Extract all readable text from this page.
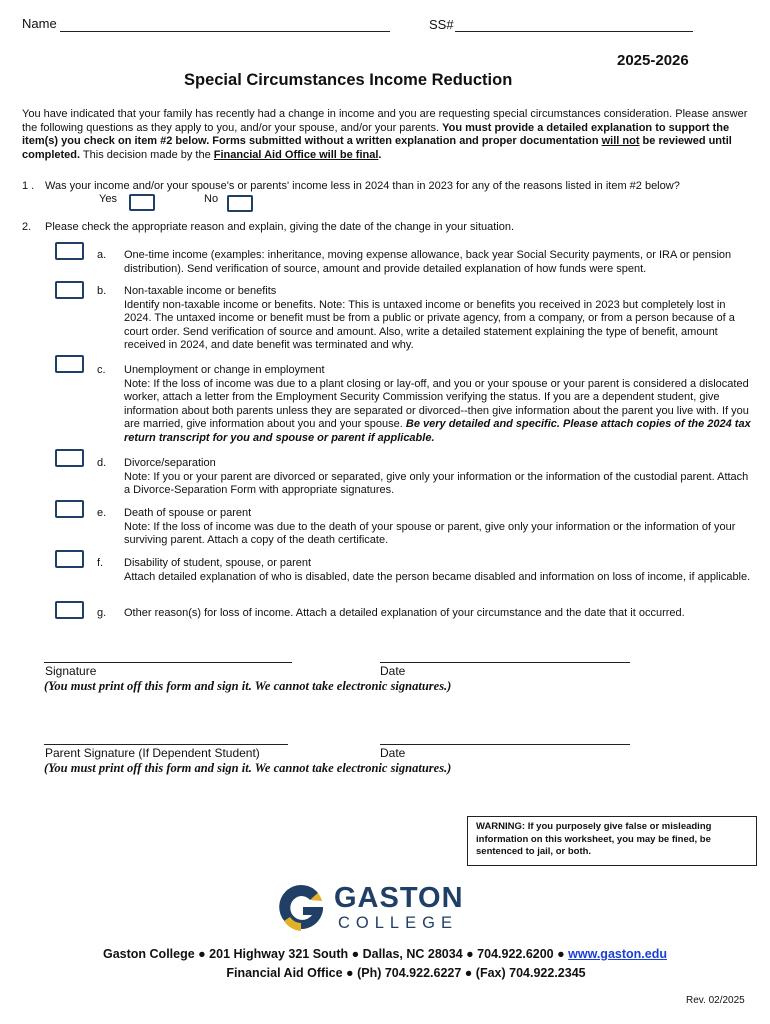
Name	SS#
2025-2026
Special Circumstances Income Reduction
You have indicated that your family has recently had a change in income and you are requesting special circumstances consideration. Please answer the following questions as they apply to you, and/or your spouse, and/or your parents. You must provide a detailed explanation to support the item(s) you check on item #2 below. Forms submitted without a written explanation and proper documentation will not be reviewed until completed. This decision made by the Financial Aid Office will be final.
1 . Was your income and/or your spouse's or parents' income less in 2024 than in 2023 for any of the reasons listed in item #2 below?
Yes	No
2. Please check the appropriate reason and explain, giving the date of the change in your situation.
a. One-time income (examples: inheritance, moving expense allowance, back year Social Security payments, or IRA or pension distribution). Send verification of source, amount and provide detailed explanation of how funds were spent.
b. Non-taxable income or benefits
Identify non-taxable income or benefits. Note: This is untaxed income or benefits you received in 2023 but completely lost in 2024. The untaxed income or benefit must be from a public or private agency, from a company, or from a person because of a court order. Send verification of source and amount. Also, write a detailed statement explaining the type of benefit, amount received in 2024, and date benefit was terminated and why.
c. Unemployment or change in employment
Note: If the loss of income was due to a plant closing or lay-off, and you or your spouse or your parent is considered a dislocated worker, attach a letter from the Employment Security Commission verifying the status. If you are a dependent student, give information about both parents unless they are separated or divorced--then give information about the parent you live with. If you are married, give information about you and your spouse. Be very detailed and specific. Please attach copies of the 2024 tax return transcript for you and spouse or parent if applicable.
d. Divorce/separation
Note: If you or your parent are divorced or separated, give only your information or the information of the custodial parent. Attach a Divorce-Separation Form with appropriate signatures.
e. Death of spouse or parent
Note: If the loss of income was due to the death of your spouse or parent, give only your information or the information of your surviving parent. Attach a copy of the death certificate.
f. Disability of student, spouse, or parent
Attach detailed explanation of who is disabled, date the person became disabled and information on loss of income, if applicable.
g. Other reason(s) for loss of income. Attach a detailed explanation of your circumstance and the date that it occurred.
Signature	Date
(You must print off this form and sign it. We cannot take electronic signatures.)
Parent Signature (If Dependent Student)	Date
(You must print off this form and sign it. We cannot take electronic signatures.)
WARNING: If you purposely give false or misleading information on this worksheet, you may be fined, be sentenced to jail, or both.
GASTON
COLLEGE
Gaston College ● 201 Highway 321 South ● Dallas, NC 28034 ● 704.922.6200 ● www.gaston.edu
Financial Aid Office ● (Ph) 704.922.6227 ● (Fax) 704.922.2345
Rev. 02/2025
